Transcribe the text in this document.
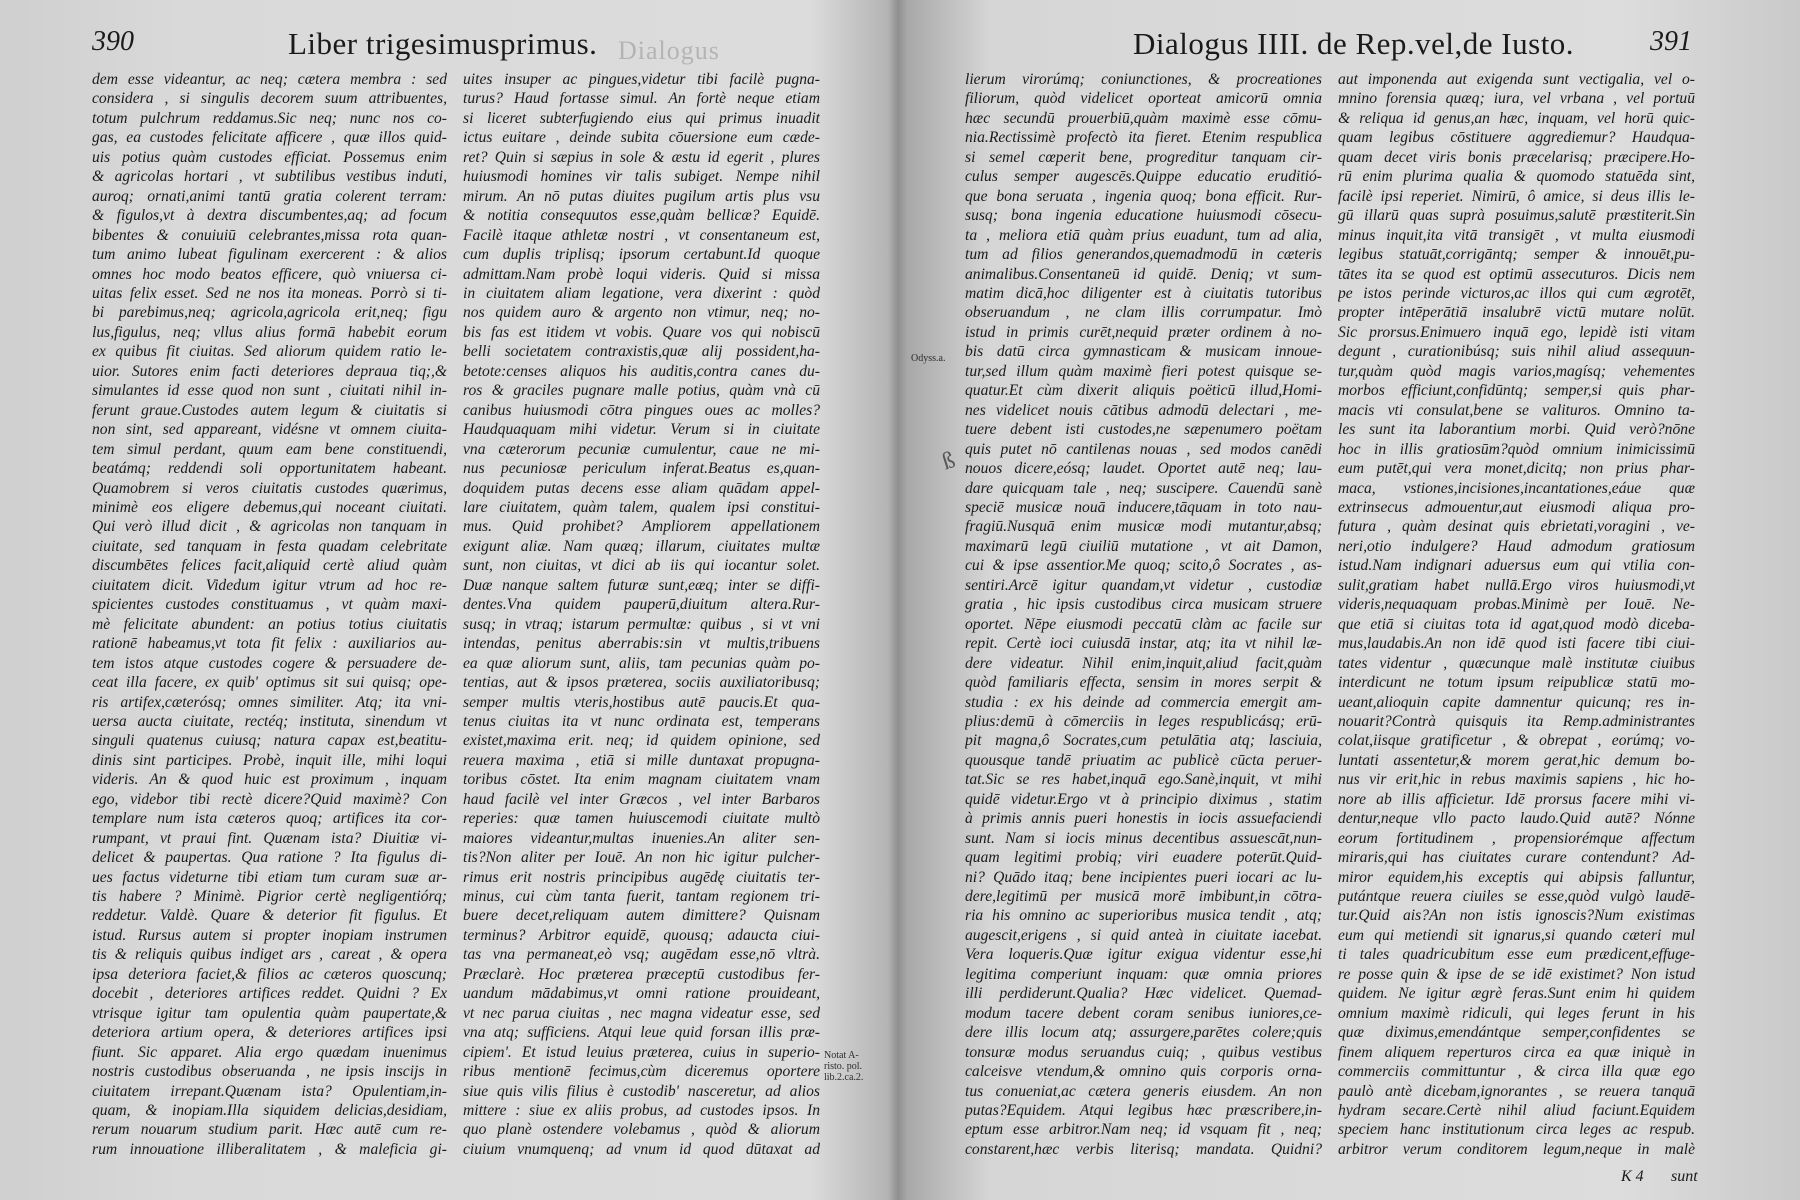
390	Liber trigesimusprimus. Dialogus
dem esse videantur, ac neq; cætera membra : sed
considera , si singulis decorem suum attribuentes,
totum pulchrum reddamus.Sic neq; nunc nos co-
gas, ea custodes felicitate afficere , quæ illos quid-
uis potius quàm custodes efficiat. Possemus enim
& agricolas hortari , vt subtilibus vestibus induti,
auroq; ornati,animi tantū gratia colerent terram:
& figulos,vt à dextra discumbentes,aq; ad focum
bibentes & conuiuiū celebrantes,missa rota quan-
tum animo lubeat figulinam exercerent : & alios
omnes hoc modo beatos efficere, quò vniuersa ci-
uitas felix esset. Sed ne nos ita moneas. Porrò si ti-
bi parebimus,neq; agricola,agricola erit,neq; figu
lus,figulus, neq; vllus alius formā habebit eorum
ex quibus fit ciuitas. Sed aliorum quidem ratio le-
uior. Sutores enim facti deteriores depraua tiq;,&
simulantes id esse quod non sunt , ciuitati nihil in-
ferunt graue.Custodes autem legum & ciuitatis si
non sint, sed appareant, vidésne vt omnem ciuita-
tem simul perdant, quum eam bene constituendi,
beatámq; reddendi soli opportunitatem habeant.
Quamobrem si veros ciuitatis custodes quærimus,
minimè eos eligere debemus,qui noceant ciuitati.
Qui verò illud dicit , & agricolas non tanquam in
ciuitate, sed tanquam in festa quadam celebritate
discumbētes felices facit,aliquid certè aliud quàm
ciuitatem dicit. Videdum igitur vtrum ad hoc re-
spicientes custodes constituamus , vt quàm maxi-
mè felicitate abundent: an potius totius ciuitatis
rationē habeamus,vt tota fit felix : auxiliarios au-
tem istos atque custodes cogere & persuadere de-
ceat illa facere, ex quib' optimus sit sui quisq; ope-
ris artifex,cæterósq; omnes similiter. Atq; ita vni-
uersa aucta ciuitate, rectéq; instituta, sinendum vt
singuli quatenus cuiusq; natura capax est,beatitu-
dinis sint participes. Probè, inquit ille, mihi loqui
videris. An & quod huic est proximum , inquam
ego, videbor tibi rectè dicere?Quid maximè? Con
templare num ista cæteros quoq; artifices ita cor-
rumpant, vt praui fint. Quænam ista? Diuitiæ vi-
delicet & paupertas. Qua ratione ? Ita figulus di-
ues factus videturne tibi etiam tum curam suæ ar-
tis habere ? Minimè. Pigrior certè negligentiórq;
reddetur. Valdè. Quare & deterior fit figulus. Et
istud. Rursus autem si propter inopiam instrumen
tis & reliquis quibus indiget ars , careat , & opera
ipsa deteriora faciet,& filios ac cæteros quoscunq;
docebit , deteriores artifices reddet. Quidni ? Ex
vtrisque igitur tam opulentia quàm paupertate,&
deteriora artium opera, & deteriores artifices ipsi
fiunt. Sic apparet. Alia ergo quædam inuenimus
nostris custodibus obseruanda , ne ipsis inscijs in
ciuitatem irrepant.Quænam ista? Opulentiam,in-
quam, & inopiam.Illa siquidem delicias,desidiam,
rerum nouarum studium parit. Hæc autē cum re-
rum innouatione illiberalitatem , & maleficia gi-
uites insuper ac pingues,videtur tibi facilè pugna-
turus? Haud fortasse simul. An fortè neque etiam
si liceret subterfugiendo eius qui primus inuadit
ictus euitare , deinde subita cōuersione eum cæde-
ret? Quin si sæpius in sole & æstu id egerit , plures
huiusmodi homines vir talis subiget. Nempe nihil
mirum. An nō putas diuites pugilum artis plus vsu
& notitia consequutos esse,quàm bellicæ? Equidē.
Facilè itaque athletæ nostri , vt consentaneum est,
cum duplis triplisq; ipsorum certabunt.Id quoque
admittam.Nam probè loqui videris. Quid si missa
in ciuitatem aliam legatione, vera dixerint : quòd
nos quidem auro & argento non vtimur, neq; no-
bis fas est itidem vt vobis. Quare vos qui nobiscū
belli societatem contraxistis,quæ alij possident,ha-
betote:censes aliquos his auditis,contra canes du-
ros & graciles pugnare malle potius, quàm vnà cū
canibus huiusmodi cōtra pingues oues ac molles?
Haudquaquam mihi videtur. Verum si in ciuitate
vna cæterorum pecuniæ cumulentur, caue ne mi-
nus pecuniosæ periculum inferat.Beatus es,quan-
doquidem putas decens esse aliam quādam appel-
lare ciuitatem, quàm talem, qualem ipsi constitui-
mus. Quid prohibet? Ampliorem appellationem
exigunt aliæ. Nam quæq; illarum, ciuitates multæ
sunt, non ciuitas, vt dici ab iis qui iocantur solet.
Duæ nanque saltem futuræ sunt,eæq; inter se diffi-
dentes.Vna quidem pauperū,diuitum altera.Rur-
susq; in vtraq; istarum permultæ: quibus , si vt vni
intendas, penitus aberrabis:sin vt multis,tribuens
ea quæ aliorum sunt, aliis, tam pecunias quàm po-
tentias, aut & ipsos præterea, sociis auxiliatoribusq;
semper multis vteris,hostibus autē paucis.Et qua-
tenus ciuitas ita vt nunc ordinata est, temperans
existet,maxima erit. neq; id quidem opinione, sed
reuera maxima , etiā si mille duntaxat propugna-
toribus cōstet. Ita enim magnam ciuitatem vnam
haud facilè vel inter Græcos , vel inter Barbaros
reperies: quæ tamen huiuscemodi ciuitate multò
maiores videantur,multas inuenies.An aliter sen-
tis?Non aliter per Iouē. An non hic igitur pulcher-
rimus erit nostris principibus augēdę ciuitatis ter-
minus, cui cùm tanta fuerit, tantam regionem tri-
buere decet,reliquam autem dimittere? Quisnam
terminus? Arbitror equidē, quousq; adaucta ciui-
tas vna permaneat,eò vsq; augēdam esse,nō vltrà.
Præclarè. Hoc præterea præceptū custodibus fer-
uandum mādabimus,vt omni ratione prouideant,
vt nec parua ciuitas , nec magna videatur esse, sed
vna atq; sufficiens. Atqui leue quid forsan illis præ-
cipiem'. Et istud leuius præterea, cuius in superio-
ribus mentionē fecimus,cùm diceremus oportere
siue quis vilis filius è custodib' nasceretur, ad alios
mittere : siue ex aliis probus, ad custodes ipsos. In
quo planè ostendere volebamus , quòd & aliorum
ciuium vnumquenq; ad vnum id quod dūtaxat ad
Notat A-
risto. pol.
lib.2.ca.2.
Dialogus IIII. de Rep.vel,de Iusto.	391
Odyss.a.
lierum virorúmq; coniunctiones, & procreationes
filiorum, quòd videlicet oporteat amicorū omnia
hæc secundū prouerbiū,quàm maximè esse cōmu-
nia.Rectissimè profectò ita fieret. Etenim respublica
si semel cœperit bene, progreditur tanquam cir-
culus semper augescēs.Quippe educatio eruditió-
que bona seruata , ingenia quoq; bona efficit. Rur-
susq; bona ingenia educatione huiusmodi cōsecu-
ta , meliora etiā quàm prius euadunt, tum ad alia,
tum ad filios generandos,quemadmodū in cæteris
animalibus.Consentaneū id quidē. Deniq; vt sum-
matim dicā,hoc diligenter est à ciuitatis tutoribus
obseruandum , ne clam illis corrumpatur. Imò
istud in primis curēt,nequid præter ordinem à no-
bis datū circa gymnasticam & musicam innoue-
tur,sed illum quàm maximè fieri potest quisque se-
quatur.Et cùm dixerit aliquis poëticū illud,Homi-
nes videlicet nouis cātibus admodū delectari , me-
tuere debent isti custodes,ne sæpenumero poëtam
quis putet nō cantilenas nouas , sed modos canēdi
nouos dicere,eósq; laudet. Oportet autē neq; lau-
dare quicquam tale , neq; suscipere. Cauendū sanè
speciē musicæ nouā inducere,tāquam in toto nau-
fragiū.Nusquā enim musicæ modi mutantur,absq;
maximarū legū ciuiliū mutatione , vt ait Damon,
cui & ipse assentior.Me quoq; scito,ô Socrates , as-
sentiri.Arcē igitur quandam,vt videtur , custodiæ
gratia , hic ipsis custodibus circa musicam struere
oportet. Nēpe eiusmodi peccatū clàm ac facile sur
repit. Certè ioci cuiusdā instar, atq; ita vt nihil læ-
dere videatur. Nihil enim,inquit,aliud facit,quàm
quòd familiaris effecta, sensim in mores serpit &
studia : ex his deinde ad commercia emergit am-
plius:demū à cōmerciis in leges respublicásq; erū-
pit magna,ô Socrates,cum petulātia atq; lasciuia,
quousque tandē priuatim ac publicè cūcta peruer-
tat.Sic se res habet,inquā ego.Sanè,inquit, vt mihi
quidē videtur.Ergo vt à principio diximus , statim
à primis annis pueri honestis in iocis assuefaciendi
sunt. Nam si iocis minus decentibus assuescāt,nun-
quam legitimi probiq; viri euadere poterūt.Quid-
ni? Quādo itaq; bene incipientes pueri iocari ac lu-
dere,legitimū per musicā morē imbibunt,in cōtra-
ria his omnino ac superioribus musica tendit , atq;
augescit,erigens , si quid anteà in ciuitate iacebat.
Vera loqueris.Quæ igitur exigua videntur esse,hi
legitima comperiunt inquam: quæ omnia priores
illi perdiderunt.Qualia? Hæc videlicet. Quemad-
modum tacere debent coram senibus iuniores,ce-
dere illis locum atq; assurgere,parētes colere;quis
tonsuræ modus seruandus cuiq; , quibus vestibus
calceisve vtendum,& omnino quis corporis orna-
tus conueniat,ac cætera generis eiusdem. An non
putas?Equidem. Atqui legibus hæc præscribere,in-
eptum esse arbitror.Nam neq; id vsquam fit , neq;
constarent,hæc verbis literisq; mandata. Quidni?
aut imponenda aut exigenda sunt vectigalia, vel o-
mnino forensia quæq; iura, vel vrbana , vel portuū
& reliqua id genus,an hæc, inquam, vel horū quic-
quam legibus cōstituere aggrediemur? Haudqua-
quam decet viris bonis præcelarisq; præcipere.Ho-
rū enim plurima qualia & quomodo statuēda sint,
facilè ipsi reperiet. Nimirū, ô amice, si deus illis le-
gū illarū quas suprà posuimus,salutē præstiterit.Sin
minus inquit,ita vitā transigēt , vt multa eiusmodi
legibus statuāt,corrigāntq; semper & innouēt,pu-
tātes ita se quod est optimū assecuturos. Dicis nem
pe istos perinde victuros,ac illos qui cum ægrotēt,
propter intēperātiā insalubrē victū mutare nolūt.
Sic prorsus.Enimuero inquā ego, lepidè isti vitam
degunt , curationibúsq; suis nihil aliud assequun-
tur,quàm quòd magis varios,magísq; vehementes
morbos efficiunt,confidūntq; semper,si quis phar-
macis vti consulat,bene se valituros. Omnino ta-
les sunt ita laborantium morbi. Quid verò?nōne
hoc in illis gratiosūm?quòd omnium inimicissimū
eum putēt,qui vera monet,dicitq; non prius phar-
maca, vstiones,incisiones,incantationes,eáue quæ
extrinsecus admouentur,aut eiusmodi aliqua pro-
futura , quàm desinat quis ebrietati,voragini , ve-
neri,otio indulgere? Haud admodum gratiosum
istud.Nam indignari aduersus eum qui vtilia con-
sulit,gratiam habet nullā.Ergo viros huiusmodi,vt
videris,nequaquam probas.Minimè per Iouē. Ne-
que etiā si ciuitas tota id agat,quod modò diceba-
mus,laudabis.An non idē quod isti facere tibi ciui-
tates videntur , quæcunque malè institutæ ciuibus
interdicunt ne totum ipsum reipublicæ statū mo-
ueant,alioquin capite damnentur quicunq; res in-
nouarit?Contrà quisquis ita Remp.administrantes
colat,iisque gratificetur , & obrepat , eorúmq; vo-
luntati assentetur,& morem gerat,hic demum bo-
nus vir erit,hic in rebus maximis sapiens , hic ho-
nore ab illis afficietur. Idē prorsus facere mihi vi-
dentur,neque vllo pacto laudo.Quid autē? Nónne
eorum fortitudinem , propensiorémque affectum
miraris,qui has ciuitates curare contendunt? Ad-
miror equidem,his exceptis qui abipsis falluntur,
putántque reuera ciuiles se esse,quòd vulgò laudē-
tur.Quid ais?An non istis ignoscis?Num existimas
eum qui metiendi sit ignarus,si quando cæteri mul
ti tales quadricubitum esse eum prædicent,effuge-
re posse quin & ipse de se idē existimet? Non istud
quidem. Ne igitur ægrè feras.Sunt enim hi quidem
omnium maximè ridiculi, qui leges ferunt in his
quæ diximus,emendántque semper,confidentes se
finem aliquem reperturos circa ea quæ iniquè in
commerciis committuntur , & circa illa quæ ego
paulò antè dicebam,ignorantes , se reuera tanquā
hydram secare.Certè nihil aliud faciunt.Equidem
speciem hanc institutionum circa leges ac respub.
arbitror verum conditorem legum,neque in malè
K 4 sunt
ß
